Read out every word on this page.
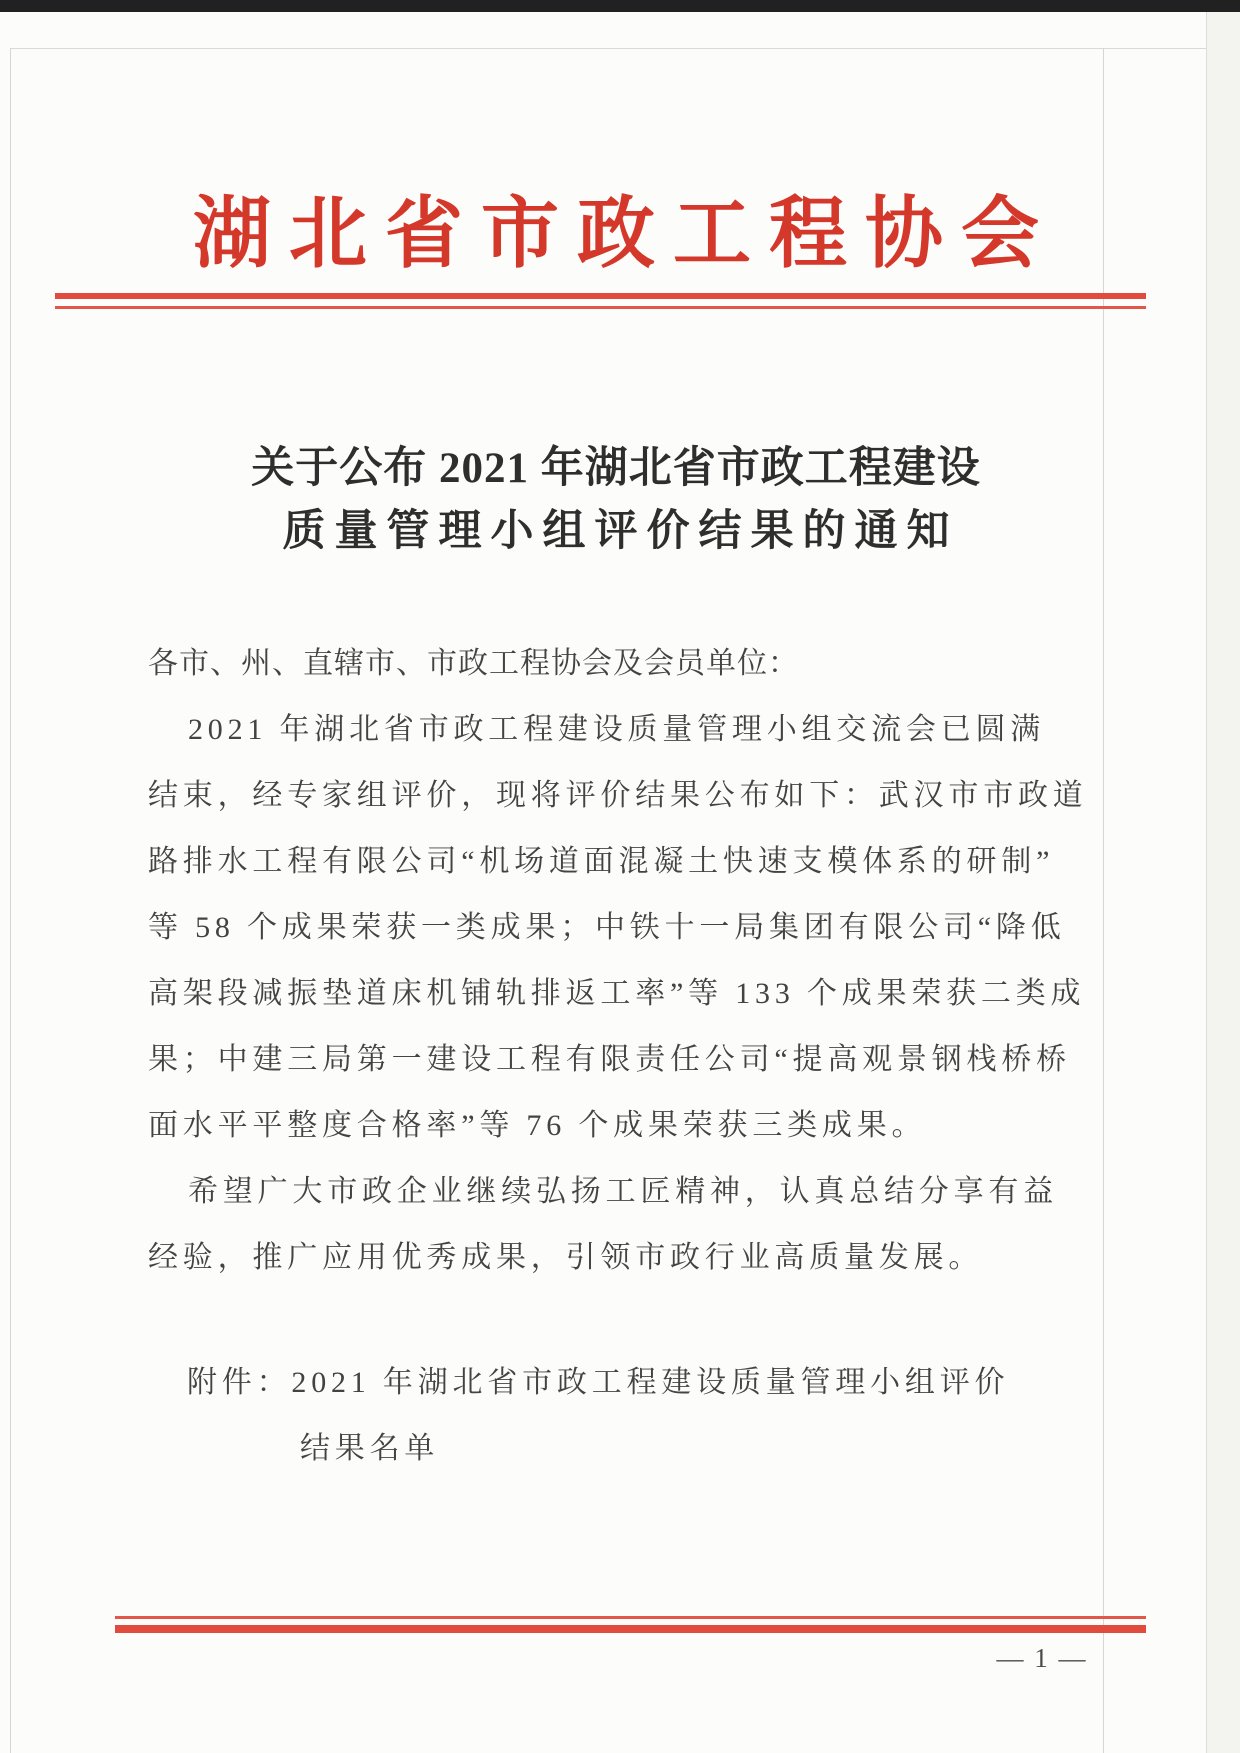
湖北省市政工程协会
关于公布 2021 年湖北省市政工程建设
质量管理小组评价结果的通知
各市、州、直辖市、市政工程协会及会员单位：
2021 年湖北省市政工程建设质量管理小组交流会已圆满
结束，经专家组评价，现将评价结果公布如下：武汉市市政道
路排水工程有限公司“机场道面混凝土快速支模体系的研制”
等 58 个成果荣获一类成果；中铁十一局集团有限公司“降低
高架段减振垫道床机铺轨排返工率”等 133 个成果荣获二类成
果；中建三局第一建设工程有限责任公司“提高观景钢栈桥桥
面水平平整度合格率”等 76 个成果荣获三类成果。
希望广大市政企业继续弘扬工匠精神，认真总结分享有益
经验，推广应用优秀成果，引领市政行业高质量发展。
附件：2021 年湖北省市政工程建设质量管理小组评价
结果名单
— 1 —
